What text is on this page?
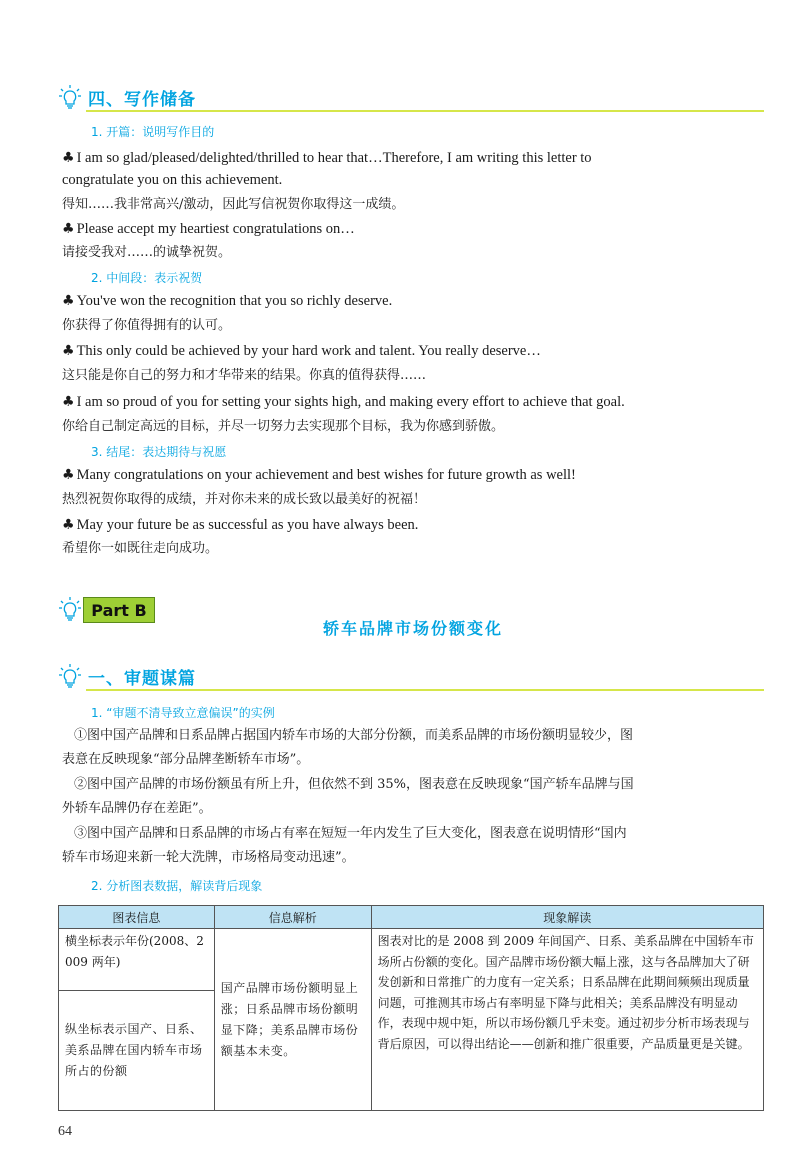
四、写作储备
1. 开篇：说明写作目的
♣ I am so glad/pleased/delighted/thrilled to hear that…Therefore, I am writing this letter to
congratulate you on this achievement.
得知……我非常高兴/激动，因此写信祝贺你取得这一成绩。
♣ Please accept my heartiest congratulations on…
请接受我对……的诚挚祝贺。
2. 中间段：表示祝贺
♣ You've won the recognition that you so richly deserve.
你获得了你值得拥有的认可。
♣ This only could be achieved by your hard work and talent. You really deserve…
这只能是你自己的努力和才华带来的结果。你真的值得获得……
♣ I am so proud of you for setting your sights high, and making every effort to achieve that goal.
你给自己制定高远的目标，并尽一切努力去实现那个目标，我为你感到骄傲。
3. 结尾：表达期待与祝愿
♣ Many congratulations on your achievement and best wishes for future growth as well!
热烈祝贺你取得的成绩，并对你未来的成长致以最美好的祝福！
♣ May your future be as successful as you have always been.
希望你一如既往走向成功。
Part B
轿车品牌市场份额变化
一、审题谋篇
1. “审题不清导致立意偏误”的实例
①图中国产品牌和日系品牌占据国内轿车市场的大部分份额，而美系品牌的市场份额明显较少，图
表意在反映现象“部分品牌垄断轿车市场”。
②图中国产品牌的市场份额虽有所上升，但依然不到 35%，图表意在反映现象“国产轿车品牌与国
外轿车品牌仍存在差距”。
③图中国产品牌和日系品牌的市场占有率在短短一年内发生了巨大变化，图表意在说明情形“国内
轿车市场迎来新一轮大洗牌，市场格局变动迅速”。
2. 分析图表数据，解读背后现象
图表信息	信息解析	现象解读

横坐标表示年份(2008、2009 两年)	国产品牌市场份额明显上涨；日系品牌市场份额明显下降；美系品牌市场份额基本未变。	图表对比的是 2008 到 2009 年间国产、日系、美系品牌在中国轿车市场所占份额的变化。国产品牌市场份额大幅上涨，这与各品牌加大了研发创新和日常推广的力度有一定关系；日系品牌在此期间频频出现质量问题，可推测其市场占有率明显下降与此相关；美系品牌没有明显动作，表现中规中矩，所以市场份额几乎未变。通过初步分析市场表现与背后原因，可以得出结论——创新和推广很重要，产品质量更是关键。

纵坐标表示国产、日系、美系品牌在国内轿车市场所占的份额		
64
